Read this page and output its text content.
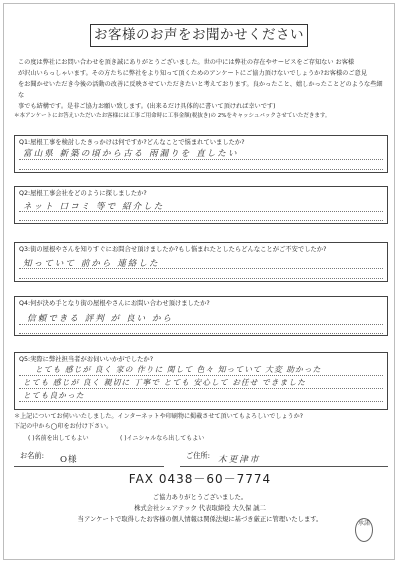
お客様のお声をお聞かせください
この度は弊社にお問い合わせを頂き誠にありがとうございました。世の中には弊社の存在やサービスをご存知ない お客様
が沢山いらっしゃいます。その方たちに弊社をより知って頂くためのアンケートにご協力頂けないでしょうか?お客様のご意見
をお聞かせいただき今後の活動の改善に反映させていただきたいと考えております。良かったこと、嬉しかったことどのような些細な
事でも結構です。是非ご協力お願い致します。(出来るだけ具体的に書いて頂ければ幸いです)
＊本アンケートにお答えいただいたお客様には工事ご用命時に工事金額(税抜き)の 2%をキャッシュバックさせていただきます。
Q1:屋根工事を検討したきっかけは何ですか?どんなことで悩まれていましたか?
富山県 新築の頃から古る 雨漏りを 直したい
Q2:屋根工事会社をどのように探しましたか?
ネット 口コミ 等で 紹介した
Q3:街の屋根やさんを知りすぐにお問合せ頂けましたか?もし悩まれたとしたらどんなことがご不安でしたか?
知っていて 前から 連絡した
Q4:何が決め手となり街の屋根やさんにお問い合わせ頂けましたか?
信頼できる 評判 が 良い から
Q5:実際に弊社担当者がお伺いいかがでしたか?
とても 感じが 良く 家の 作りに 関して 色々 知っていて 大変 助かった
とても 感じが 良く 親切に 丁寧で とても 安心して お任せ できました
とても良かった
＊上記についてお伺いいたしました。インターネットや印刷物に掲載させて頂いてもよろしいでしょうか?
下記の中から◯印をお付け下さい。
( )名前を出してもよい	( )イニシャルなら出してもよい
お名前: O様	ご住所: 木更津市
FAX 0438－60－7774
ご協力ありがとうございました。
株式会社シェアテック 代表取締役 大久保 誠二
当アンケートで取得したお客様の個人情報は関係法規に基づき厳正に管理いたします。
承諾
